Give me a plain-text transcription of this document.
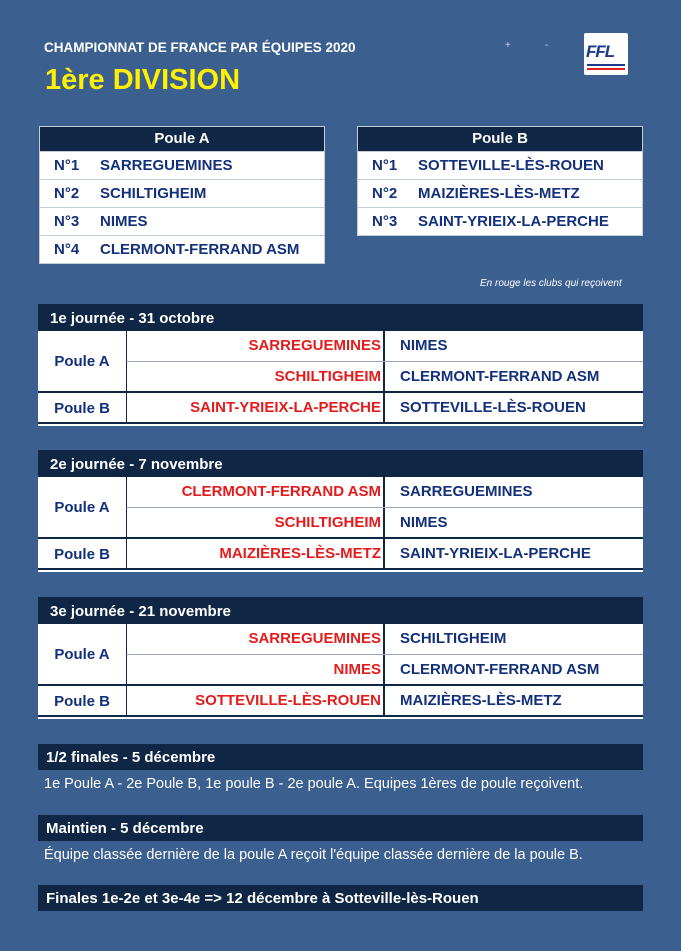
CHAMPIONNAT DE FRANCE PAR ÉQUIPES 2020
1ère DIVISION
+	- FFL
Poule A
N°1 SARREGUEMINES
N°2 SCHILTIGHEIM
N°3 NIMES
N°4 CLERMONT-FERRAND ASM
Poule B
N°1 SOTTEVILLE-LÈS-ROUEN
N°2 MAIZIÈRES-LÈS-METZ
N°3 SAINT-YRIEIX-LA-PERCHE
En rouge les clubs qui reçoivent
1e journée - 31 octobre
Poule A
Poule B
SARREGUEMINES NIMES
SCHILTIGHEIM CLERMONT-FERRAND ASM
SAINT-YRIEIX-LA-PERCHE SOTTEVILLE-LÈS-ROUEN
2e journée - 7 novembre
Poule A
Poule B
CLERMONT-FERRAND ASM SARREGUEMINES
SCHILTIGHEIM NIMES
MAIZIÈRES-LÈS-METZ SAINT-YRIEIX-LA-PERCHE
3e journée - 21 novembre
Poule A
Poule B
SARREGUEMINES SCHILTIGHEIM
NIMES CLERMONT-FERRAND ASM
SOTTEVILLE-LÈS-ROUEN MAIZIÈRES-LÈS-METZ
1/2 finales - 5 décembre
1e Poule A - 2e Poule B, 1e poule B - 2e poule A. Equipes 1ères de poule reçoivent.
Maintien - 5 décembre
Équipe classée dernière de la poule A reçoit l'équipe classée dernière de la poule B.
Finales 1e-2e et 3e-4e => 12 décembre à Sotteville-lès-Rouen
